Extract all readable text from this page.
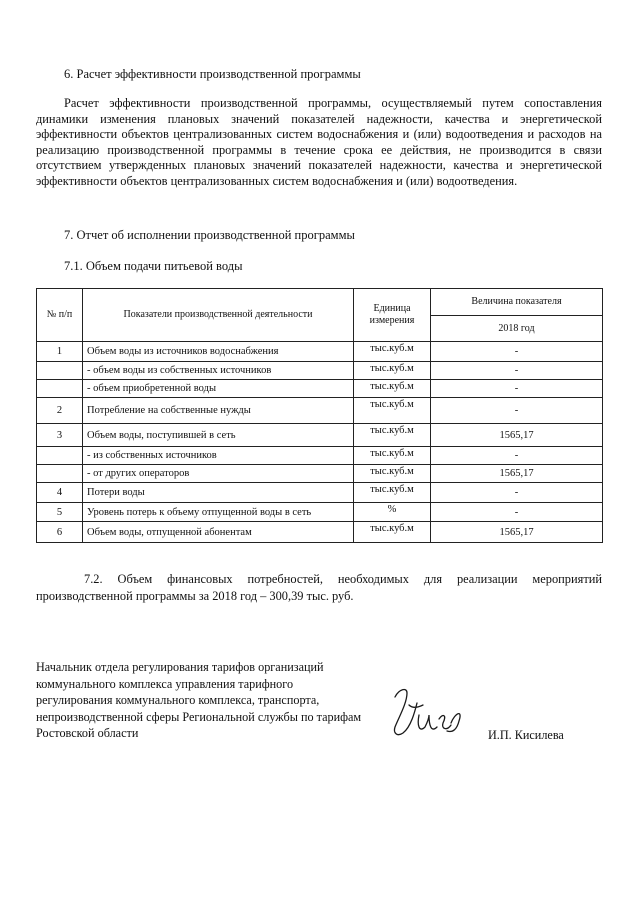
6. Расчет эффективности производственной программы
Расчет эффективности производственной программы, осуществляемый путем сопоставления динамики изменения плановых значений показателей надежности, качества и энергетической эффективности объектов централизованных систем водоснабжения и (или) водоотведения и расходов на реализацию производственной программы в течение срока ее действия, не производится в связи отсутствием утвержденных плановых значений показателей надежности, качества и энергетической эффективности объектов централизованных систем водоснабжения и (или) водоотведения.
7. Отчет об исполнении производственной программы
7.1. Объем подачи питьевой воды
№ п/п	Показатели производственной деятельности	Единица измерения	Величина показателя
			2018 год
1	Объем воды из источников водоснабжения	тыс.куб.м	-
	- объем воды из собственных источников	тыс.куб.м	-
	- объем приобретенной воды	тыс.куб.м	-
2	Потребление на собственные нужды	тыс.куб.м	-
3	Объем воды, поступившей в сеть	тыс.куб.м	1565,17
	- из собственных источников	тыс.куб.м	-
	- от других операторов	тыс.куб.м	1565,17
4	Потери воды	тыс.куб.м	-
5	Уровень потерь к объему отпущенной воды в сеть	%	-
6	Объем воды, отпущенной абонентам	тыс.куб.м	1565,17
7.2. Объем финансовых потребностей, необходимых для реализации мероприятий производственной программы за 2018 год – 300,39 тыс. руб.
Начальник отдела регулирования тарифов организаций коммунального комплекса управления тарифного регулирования коммунального комплекса, транспорта, непроизводственной сферы Региональной службы по тарифам Ростовской области	И.П. Кисилева
